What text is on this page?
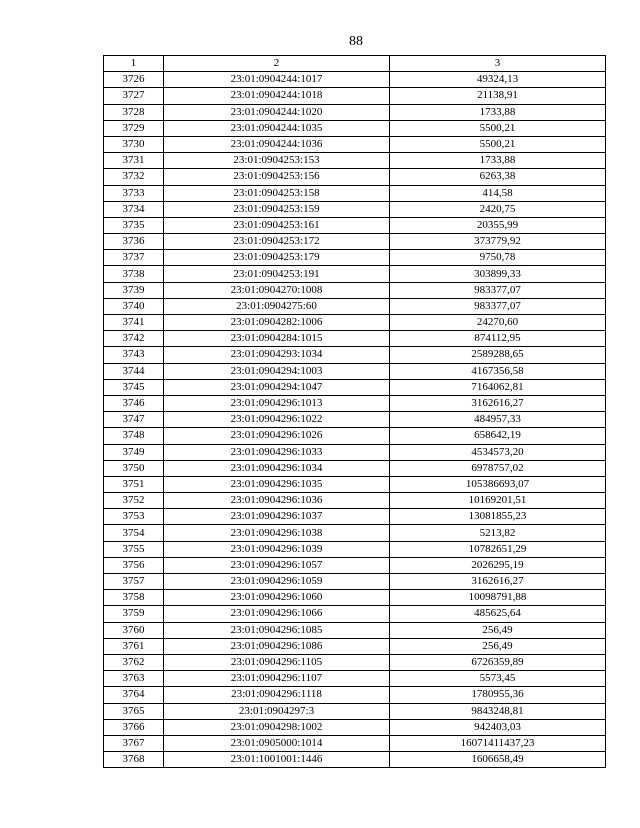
88
1	2	3
3726	23:01:0904244:1017	49324,13
3727	23:01:0904244:1018	21138,91
3728	23:01:0904244:1020	1733,88
3729	23:01:0904244:1035	5500,21
3730	23:01:0904244:1036	5500,21
3731	23:01:0904253:153	1733,88
3732	23:01:0904253:156	6263,38
3733	23:01:0904253:158	414,58
3734	23:01:0904253:159	2420,75
3735	23:01:0904253:161	20355,99
3736	23:01:0904253:172	373779,92
3737	23:01:0904253:179	9750,78
3738	23:01:0904253:191	303899,33
3739	23:01:0904270:1008	983377,07
3740	23:01:0904275:60	983377,07
3741	23:01:0904282:1006	24270,60
3742	23:01:0904284:1015	874112,95
3743	23:01:0904293:1034	2589288,65
3744	23:01:0904294:1003	4167356,58
3745	23:01:0904294:1047	7164062,81
3746	23:01:0904296:1013	3162616,27
3747	23:01:0904296:1022	484957,33
3748	23:01:0904296:1026	658642,19
3749	23:01:0904296:1033	4534573,20
3750	23:01:0904296:1034	6978757,02
3751	23:01:0904296:1035	105386693,07
3752	23:01:0904296:1036	10169201,51
3753	23:01:0904296:1037	13081855,23
3754	23:01:0904296:1038	5213,82
3755	23:01:0904296:1039	10782651,29
3756	23:01:0904296:1057	2026295,19
3757	23:01:0904296:1059	3162616,27
3758	23:01:0904296:1060	10098791,88
3759	23:01:0904296:1066	485625,64
3760	23:01:0904296:1085	256,49
3761	23:01:0904296:1086	256,49
3762	23:01:0904296:1105	6726359,89
3763	23:01:0904296:1107	5573,45
3764	23:01:0904296:1118	1780955,36
3765	23:01:0904297:3	9843248,81
3766	23:01:0904298:1002	942403,03
3767	23:01:0905000:1014	16071411437,23
3768	23:01:1001001:1446	1606658,49
